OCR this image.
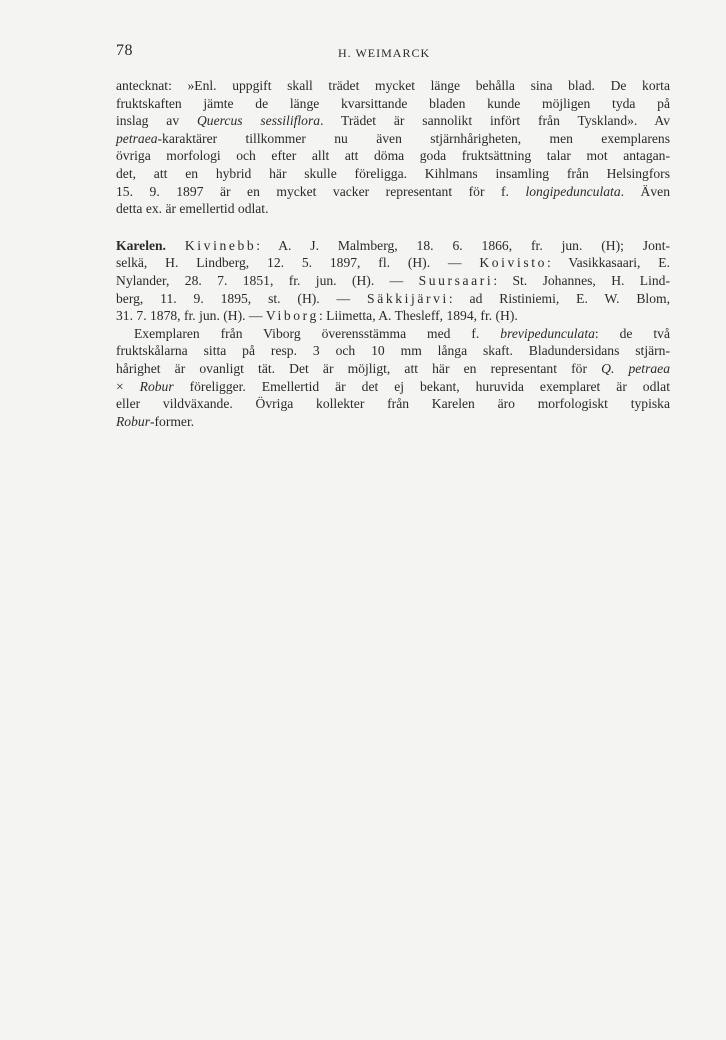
78	H. WEIMARCK
antecknat: »Enl. uppgift skall trädet mycket länge behålla sina blad. De korta
fruktskaften jämte de länge kvarsittande bladen kunde möjligen tyda på
inslag av Quercus sessiliflora. Trädet är sannolikt infört från Tyskland». Av
petraea-karaktärer tillkommer nu även stjärnhårigheten, men exemplarens
övriga morfologi och efter allt att döma goda fruktsättning talar mot antagan-
det, att en hybrid här skulle föreligga. Kihlmans insamling från Helsingfors
15. 9. 1897 är en mycket vacker representant för f. longipedunculata. Även
detta ex. är emellertid odlat.
Karelen. Kivinebb: A. J. Malmberg, 18. 6. 1866, fr. jun. (H); Jont-
selkä, H. Lindberg, 12. 5. 1897, fl. (H). — Koivisto: Vasikkasaari, E.
Nylander, 28. 7. 1851, fr. jun. (H). — Suursaari: St. Johannes, H. Lind-
berg, 11. 9. 1895, st. (H). — Säkkijärvi: ad Ristiniemi, E. W. Blom,
31. 7. 1878, fr. jun. (H). — Viborg: Liimetta, A. Thesleff, 1894, fr. (H).
Exemplaren från Viborg överensstämma med f. brevipedunculata: de två
fruktskålarna sitta på resp. 3 och 10 mm långa skaft. Bladundersidans stjärn-
hårighet är ovanligt tät. Det är möjligt, att här en representant för Q. petraea
× Robur föreligger. Emellertid är det ej bekant, huruvida exemplaret är odlat
eller vildväxande. Övriga kollekter från Karelen äro morfologiskt typiska
Robur-former.
